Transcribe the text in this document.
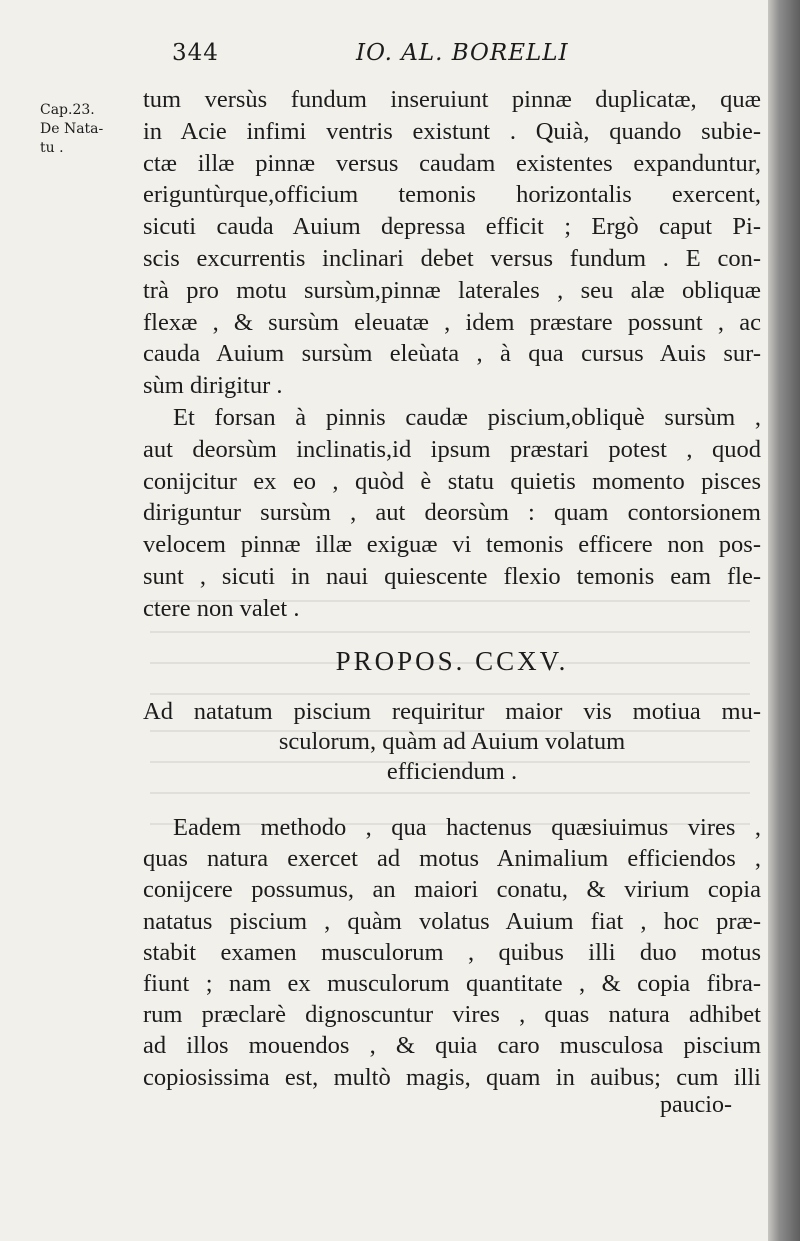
344	IO. AL. BORELLI
Cap.23.
De Nata-
tu .
tum versùs fundum inseruiunt pinnæ duplicatæ, quæ
in Acie infimi ventris existunt . Quià, quando subie-
ctæ illæ pinnæ versus caudam existentes expanduntur,
eriguntùrque,officium temonis horizontalis exercent,
sicuti cauda Auium depressa efficit ; Ergò caput Pi-
scis excurrentis inclinari debet versus fundum . E con-
trà pro motu sursùm,pinnæ laterales , seu alæ obliquæ
flexæ , & sursùm eleuatæ , idem præstare possunt , ac
cauda Auium sursùm eleùata , à qua cursus Auis sur-
sùm dirigitur .
Et forsan à pinnis caudæ piscium,obliquè sursùm ,
aut deorsùm inclinatis,id ipsum præstari potest , quod
conijcitur ex eo , quòd è statu quietis momento pisces
diriguntur sursùm , aut deorsùm : quam contorsionem
velocem pinnæ illæ exiguæ vi temonis efficere non pos-
sunt , sicuti in naui quiescente flexio temonis eam fle-
ctere non valet .
PROPOS. CCXV.
Ad natatum piscium requiritur maior vis motiua mu-
sculorum, quàm ad Auium volatum
efficiendum .
Eadem methodo , qua hactenus quæsiuimus vires ,
quas natura exercet ad motus Animalium efficiendos ,
conijcere possumus, an maiori conatu, & virium copia
natatus piscium , quàm volatus Auium fiat , hoc præ-
stabit examen musculorum , quibus illi duo motus
fiunt ; nam ex musculorum quantitate , & copia fibra-
rum præclarè dignoscuntur vires , quas natura adhibet
ad illos mouendos , & quia caro musculosa piscium
copiosissima est, multò magis, quam in auibus; cum illi
paucio-
